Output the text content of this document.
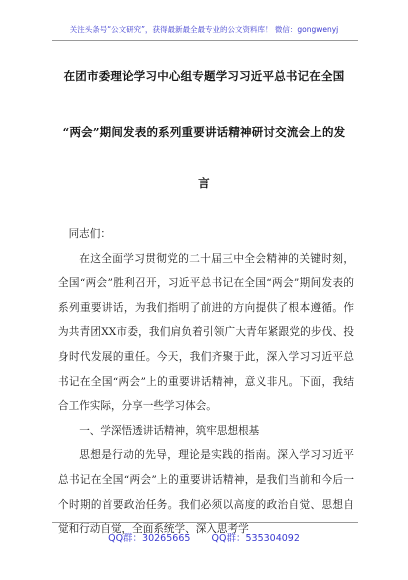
关注头条号“公文研究”，获得最新最全最专业的公文资料库！ 微信：gongwenyj
在团市委理论学习中心组专题学习习近平总书记在全国
“两会”期间发表的系列重要讲话精神研讨交流会上的发
言

同志们：

在这全面学习贯彻党的二十届三中全会精神的关键时刻，全国“两会”胜利召开，习近平总书记在全国“两会”期间发表的系列重要讲话，为我们指明了前进的方向提供了根本遵循。作为共青团XX市委，我们肩负着引领广大青年紧跟党的步伐、投身时代发展的重任。今天，我们齐聚于此，深入学习习近平总书记在全国“两会”上的重要讲话精神，意义非凡。下面，我结合工作实际，分享一些学习体会。

一、学深悟透讲话精神，筑牢思想根基

思想是行动的先导，理论是实践的指南。深入学习习近平总书记在全国“两会”上的重要讲话精神，是我们当前和今后一个时期的首要政治任务。我们必须以高度的政治自觉、思想自觉和行动自觉，全面系统学、深入思考学

QQ群：30265665       QQ群：535304092
